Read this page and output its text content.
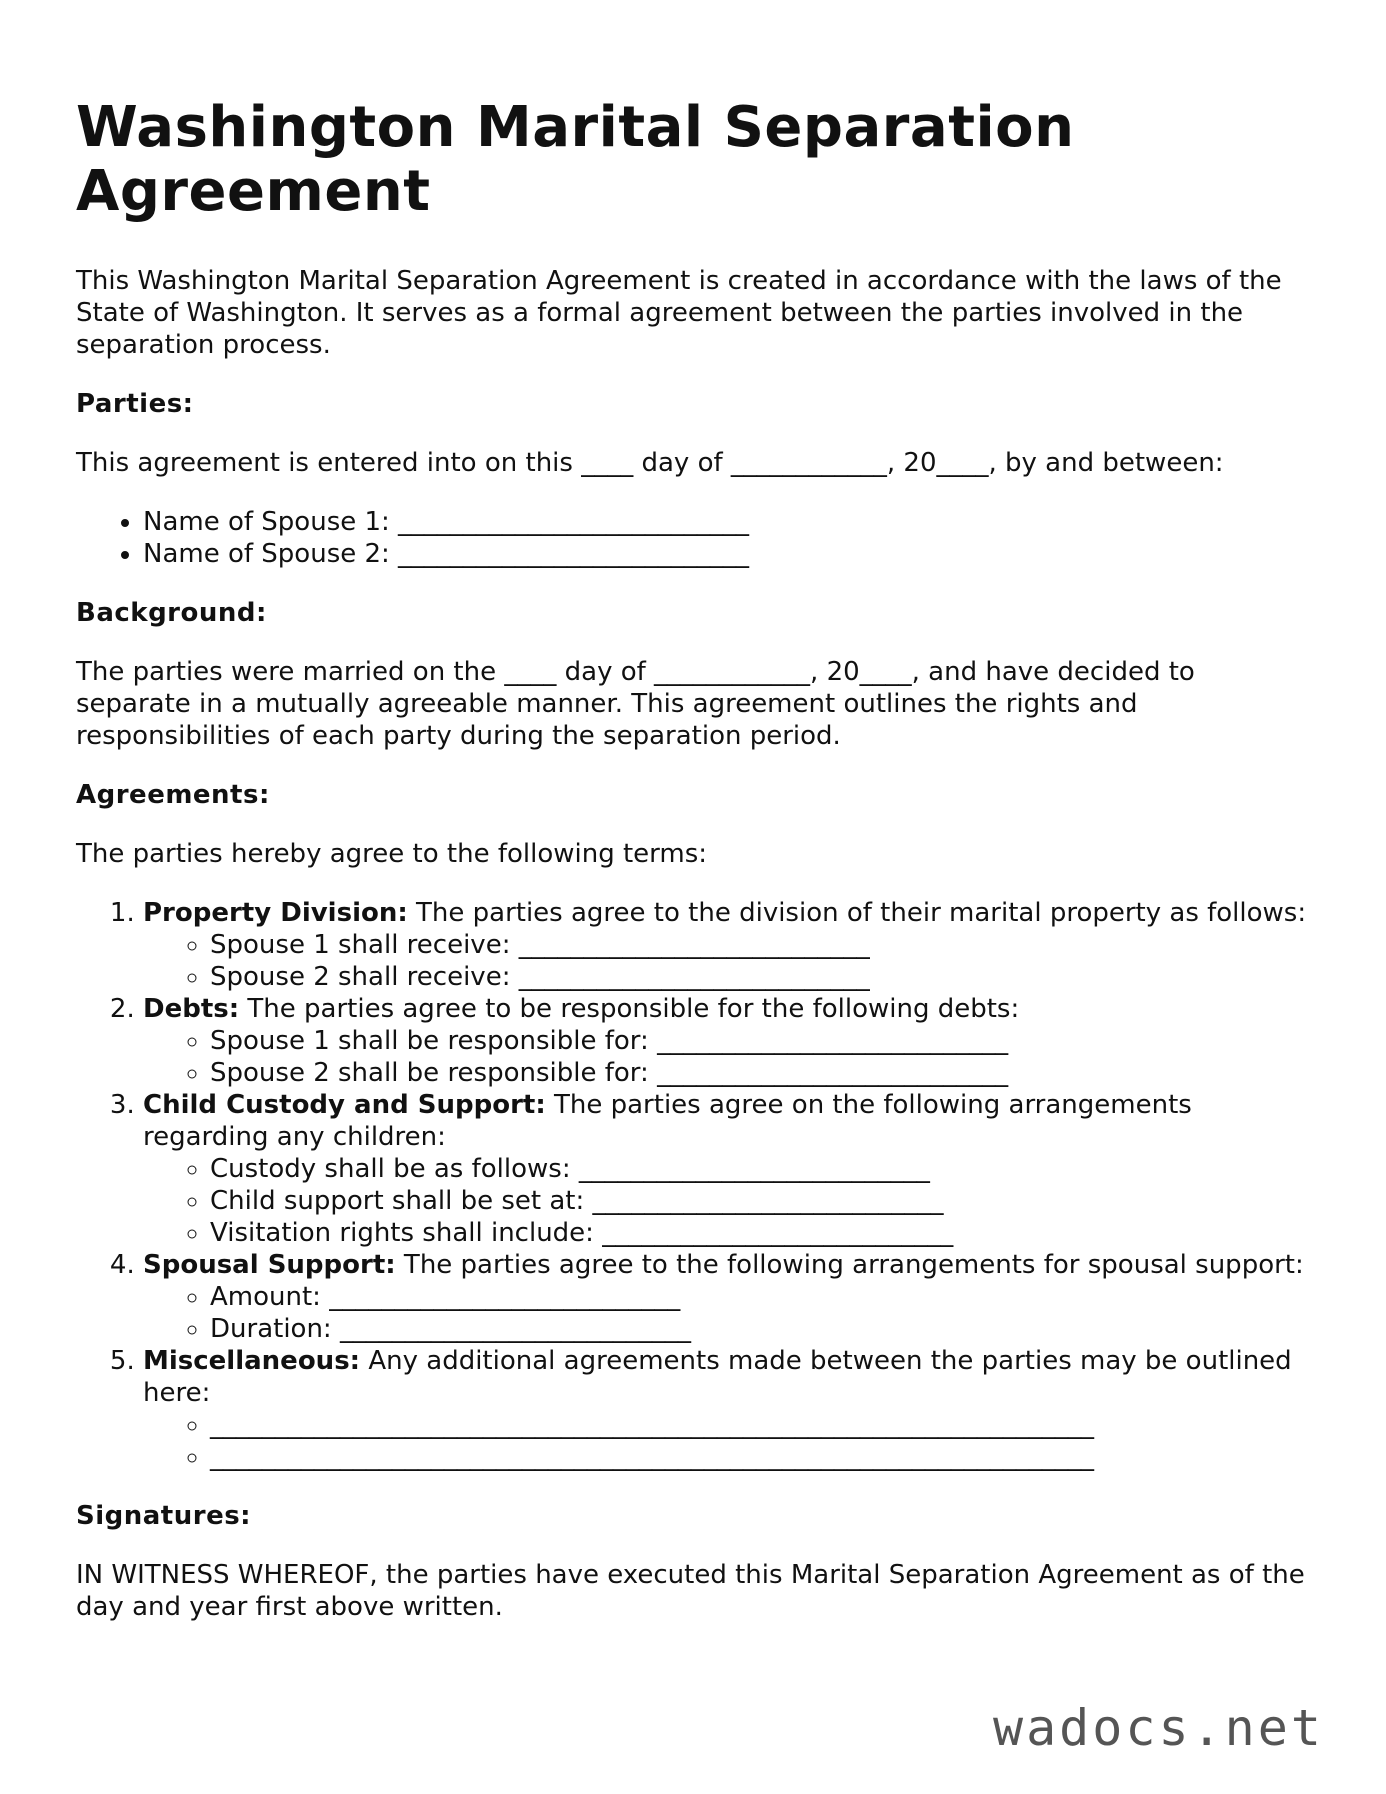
Washington Marital Separation Agreement

This Washington Marital Separation Agreement is created in accordance with the laws of the State of Washington. It serves as a formal agreement between the parties involved in the separation process.

Parties:

This agreement is entered into on this ____ day of ____________, 20____, by and between:

• Name of Spouse 1: ___________________________
• Name of Spouse 2: ___________________________
Background:

The parties were married on the ____ day of ____________, 20____, and have decided to separate in a mutually agreeable manner. This agreement outlines the rights and responsibilities of each party during the separation period.

Agreements:

The parties hereby agree to the following terms:

1. Property Division: The parties agree to the division of their marital property as follows:
◦ Spouse 1 shall receive: ___________________________
◦ Spouse 2 shall receive: ___________________________
2. Debts: The parties agree to be responsible for the following debts:
◦ Spouse 1 shall be responsible for: ___________________________
◦ Spouse 2 shall be responsible for: ___________________________
3. Child Custody and Support: The parties agree on the following arrangements regarding any children:
◦ Custody shall be as follows: ___________________________
◦ Child support shall be set at: ___________________________
◦ Visitation rights shall include: ___________________________
4. Spousal Support: The parties agree to the following arrangements for spousal support:
◦ Amount: ___________________________
◦ Duration: ___________________________
5. Miscellaneous: Any additional agreements made between the parties may be outlined here:
◦ ____________________________________________________________________
◦ ____________________________________________________________________
Signatures:

IN WITNESS WHEREOF, the parties have executed this Marital Separation Agreement as of the day and year first above written.

wadocs.net
